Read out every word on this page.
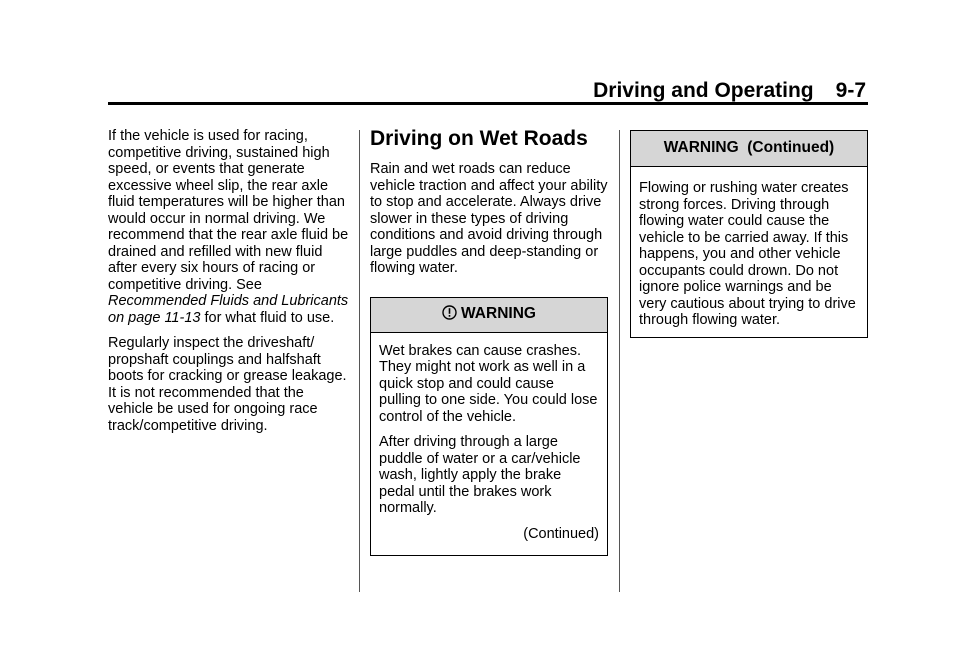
Driving and Operating 9-7

If the vehicle is used for racing, competitive driving, sustained high speed, or events that generate excessive wheel slip, the rear axle fluid temperatures will be higher than would occur in normal driving. We recommend that the rear axle fluid be drained and refilled with new fluid after every six hours of racing or competitive driving. See Recommended Fluids and Lubricants on page 11-13 for what fluid to use.

Regularly inspect the driveshaft/ propshaft couplings and halfshaft boots for cracking or grease leakage. It is not recommended that the vehicle be used for ongoing race track/competitive driving.

Driving on Wet Roads

Rain and wet roads can reduce vehicle traction and affect your ability to stop and accelerate. Always drive slower in these types of driving conditions and avoid driving through large puddles and deep-standing or flowing water.

WARNING

Wet brakes can cause crashes. They might not work as well in a quick stop and could cause pulling to one side. You could lose control of the vehicle.

After driving through a large puddle of water or a car/vehicle wash, lightly apply the brake pedal until the brakes work normally.

(Continued)

WARNING  (Continued)

Flowing or rushing water creates strong forces. Driving through flowing water could cause the vehicle to be carried away. If this happens, you and other vehicle occupants could drown. Do not ignore police warnings and be very cautious about trying to drive through flowing water.
